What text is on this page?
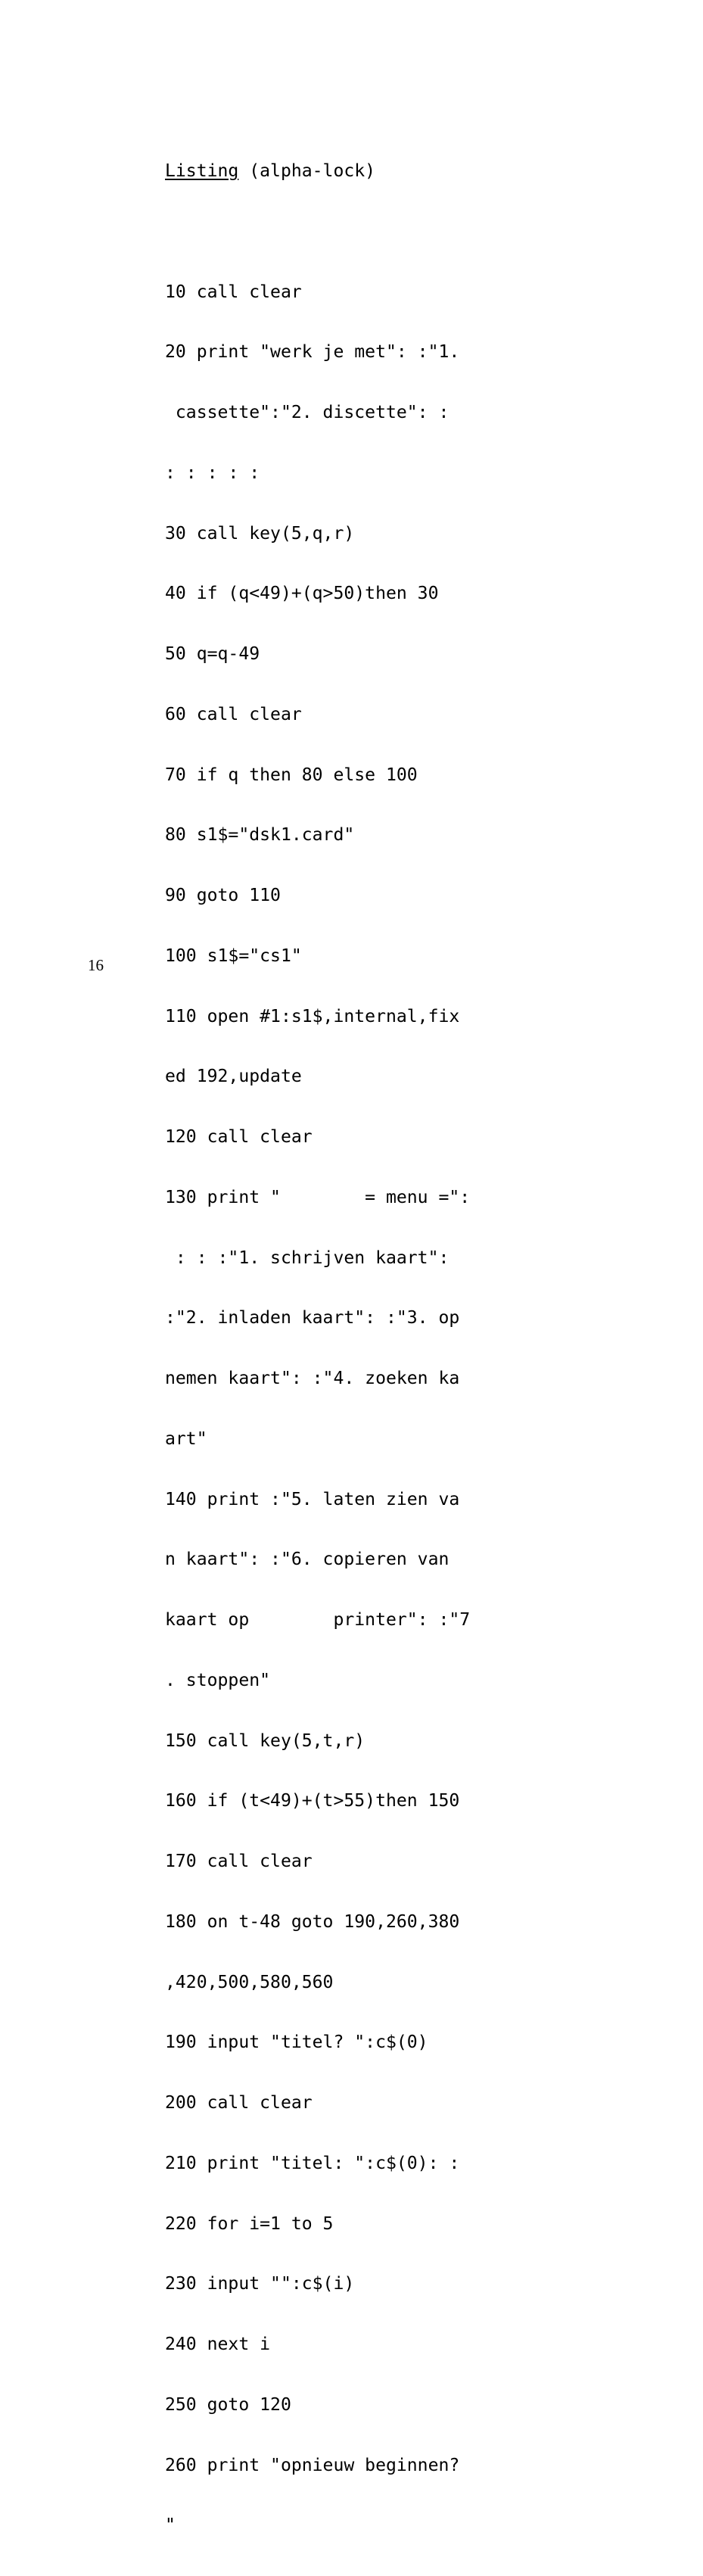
Listing (alpha-lock)

10 call clear

20 print "werk je met": :"1.

cassette":"2. discette": :

: : : : :

30 call key(5,q,r)

40 if (q<49)+(q>50)then 30

50 q=q-49

60 call clear

70 if q then 80 else 100

80 s1$="dsk1.card"

90 goto 110

100 s1$="cs1"

110 open #1:s1$,internal,fix

ed 192,update

120 call clear

130 print "        = menu =":

: : :"1. schrijven kaart":

:"2. inladen kaart": :"3. op

nemen kaart": :"4. zoeken ka

art"

140 print :"5. laten zien va

n kaart": :"6. copieren van

kaart op        printer": :"7

. stoppen"

150 call key(5,t,r)

160 if (t<49)+(t>55)then 150

170 call clear

180 on t-48 goto 190,260,380

,420,500,580,560

190 input "titel? ":c$(0)

200 call clear

210 print "titel: ":c$(0): :

220 for i=1 to 5

230 input "":c$(i)

240 next i

250 goto 120

260 print "opnieuw beginnen?

"

16
